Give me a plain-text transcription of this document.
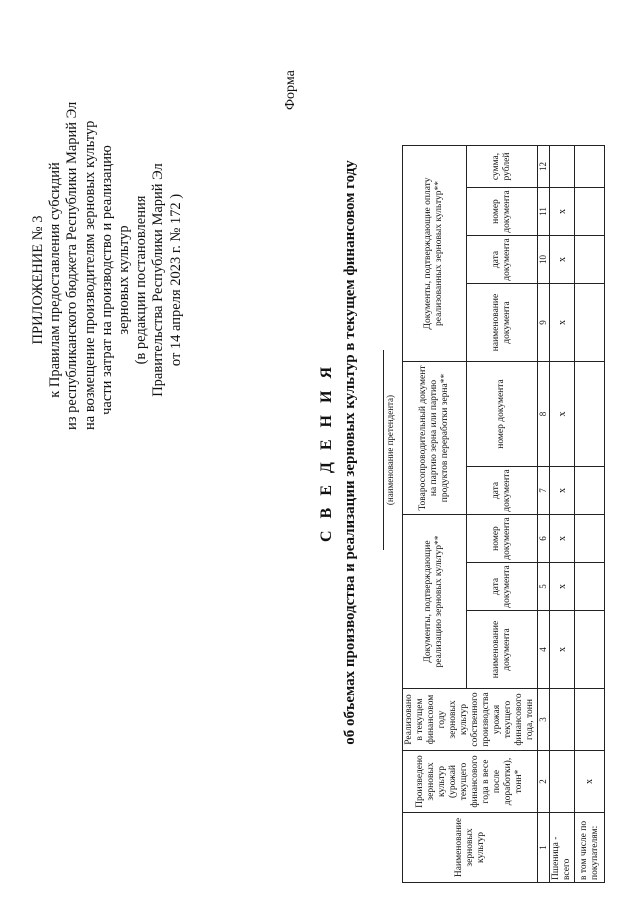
ПРИЛОЖЕНИЕ № 3 к Правилам предоставления субсидий из республиканского бюджета Республики Марий Эл на возмещение производителям зерновых культур части затрат на производство и реализацию зерновых культур (в редакции постановления Правительства Республики Марий Эл от 14 апреля 2023 г. № 172 )
Форма
С В Е Д Е Н И Я об объемах производства и реализации зерновых культур в текущем финансовом году	(наименование претендента)
Наименование зерновых культур	Произведено зерновых культур (урожай текущего финансового года в весе после доработки), тонн*	Реализовано в текущем финансовом году зерновых культур собственного производства урожая текущего финансового года, тонн	Документы, подтверждающие реализацию зерновых культур**			Товаросопроводительный документ на партию зерна или партию продуктов переработки зерна**		Документы, подтверждающие оплату реализованных зерновых культур**			
			наименование документа	дата документа	номер документа	дата документа	номер документа	наименование документа	дата документа	номер документа	сумма, рублей
1	2	3	4	5	6	7	8	9	10	11	12
Пшеница - всего			x	x	x	x	x	x	x	x	
в том числе по покупателям:	x										
